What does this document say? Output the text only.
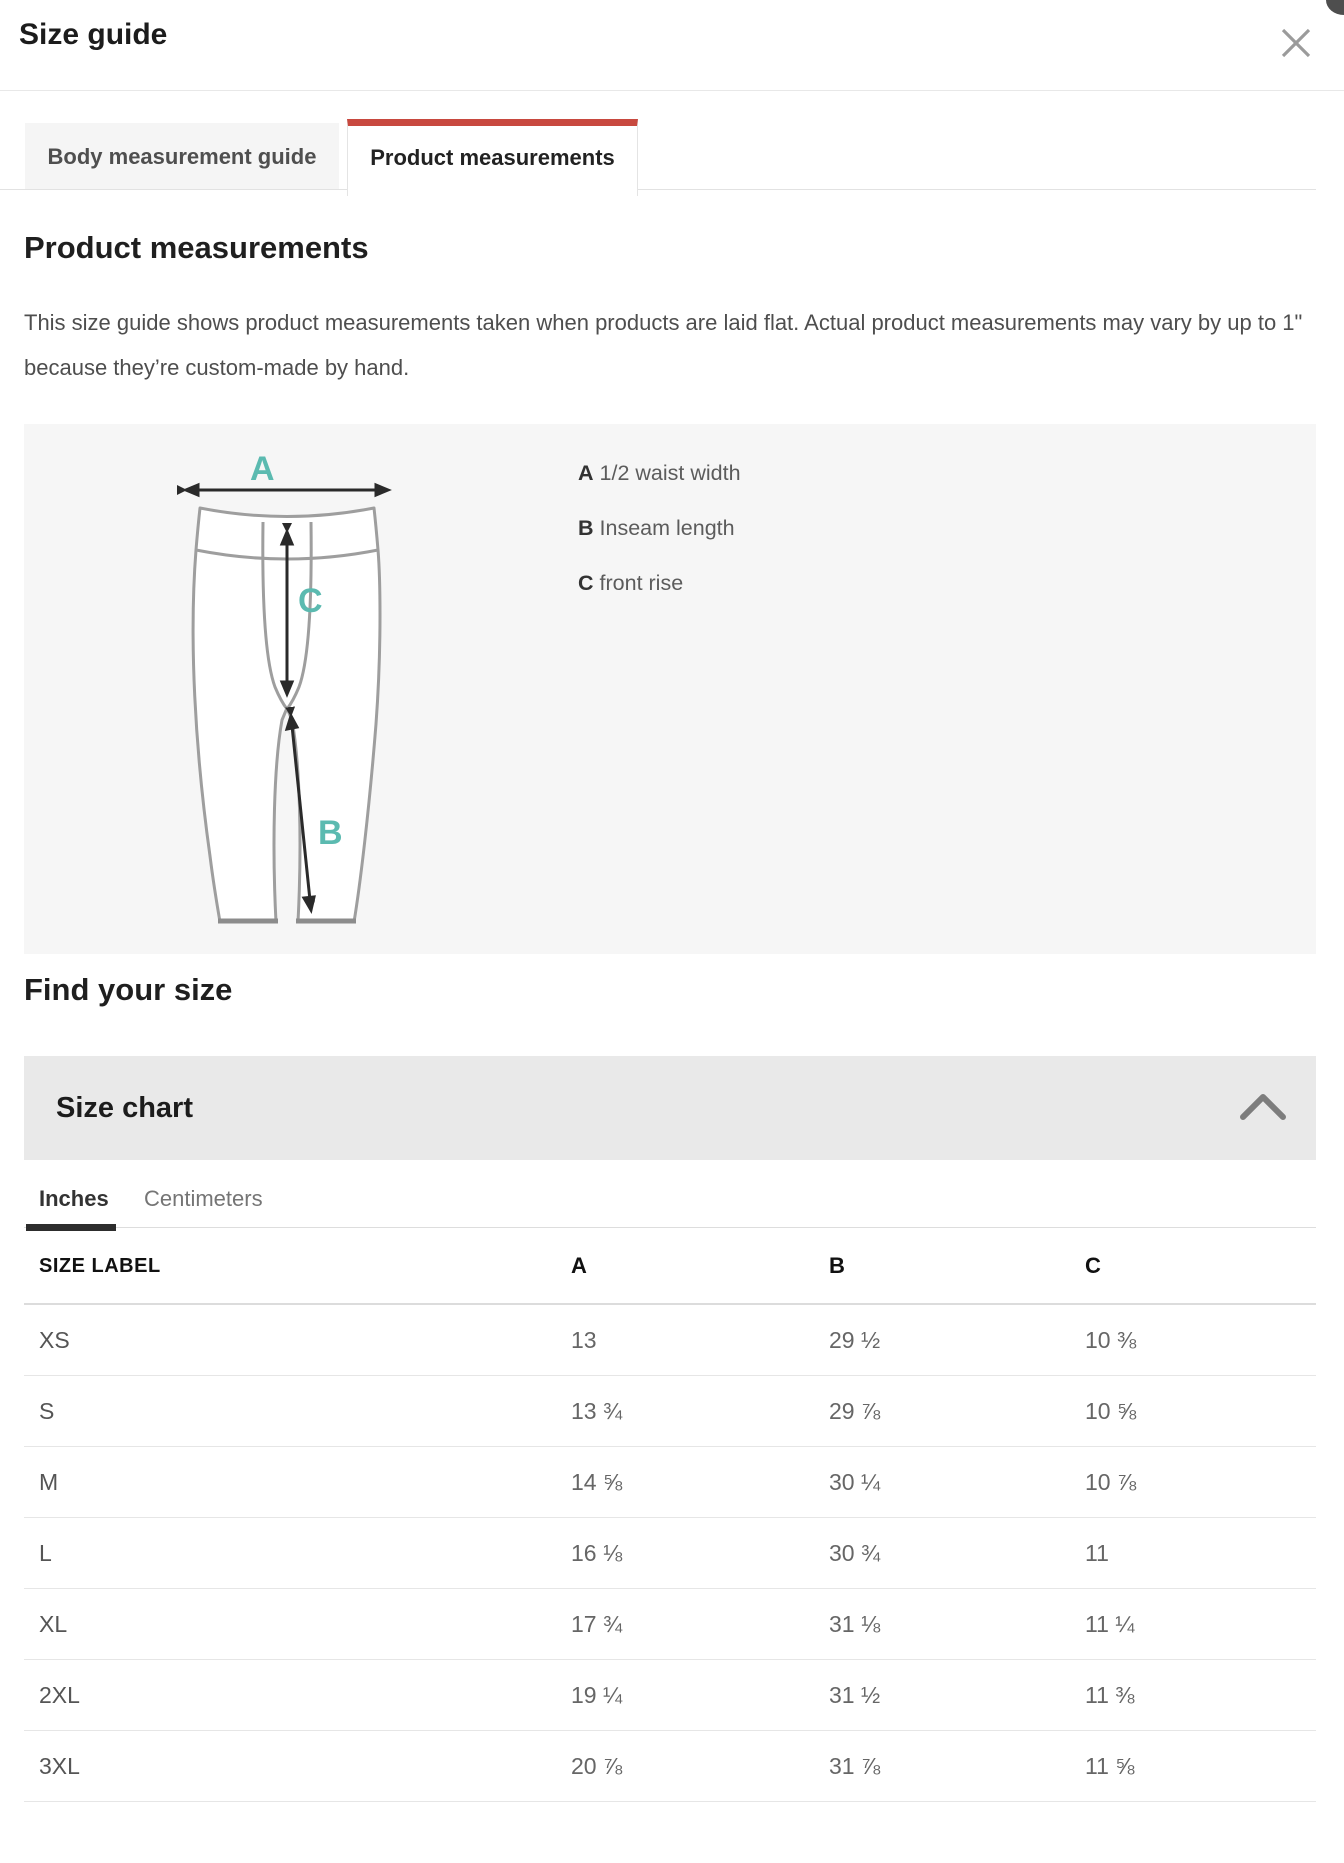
Size guide
Body measurement guide	Product measurements
Product measurements

This size guide shows product measurements taken when products are laid flat. Actual product measurements may vary by up to 1" because they’re custom-made by hand.

A
B
C
A 1/2 waist width
B Inseam length
C front rise
Find your size
Size chart
Inches Centimeters
SIZE LABEL	A	B	C
XS	13	29 ½	10 ⅜
S	13 ¾	29 ⅞	10 ⅝
M	14 ⅝	30 ¼	10 ⅞
L	16 ⅛	30 ¾	11
XL	17 ¾	31 ⅛	11 ¼
2XL	19 ¼	31 ½	11 ⅜
3XL	20 ⅞	31 ⅞	11 ⅝
